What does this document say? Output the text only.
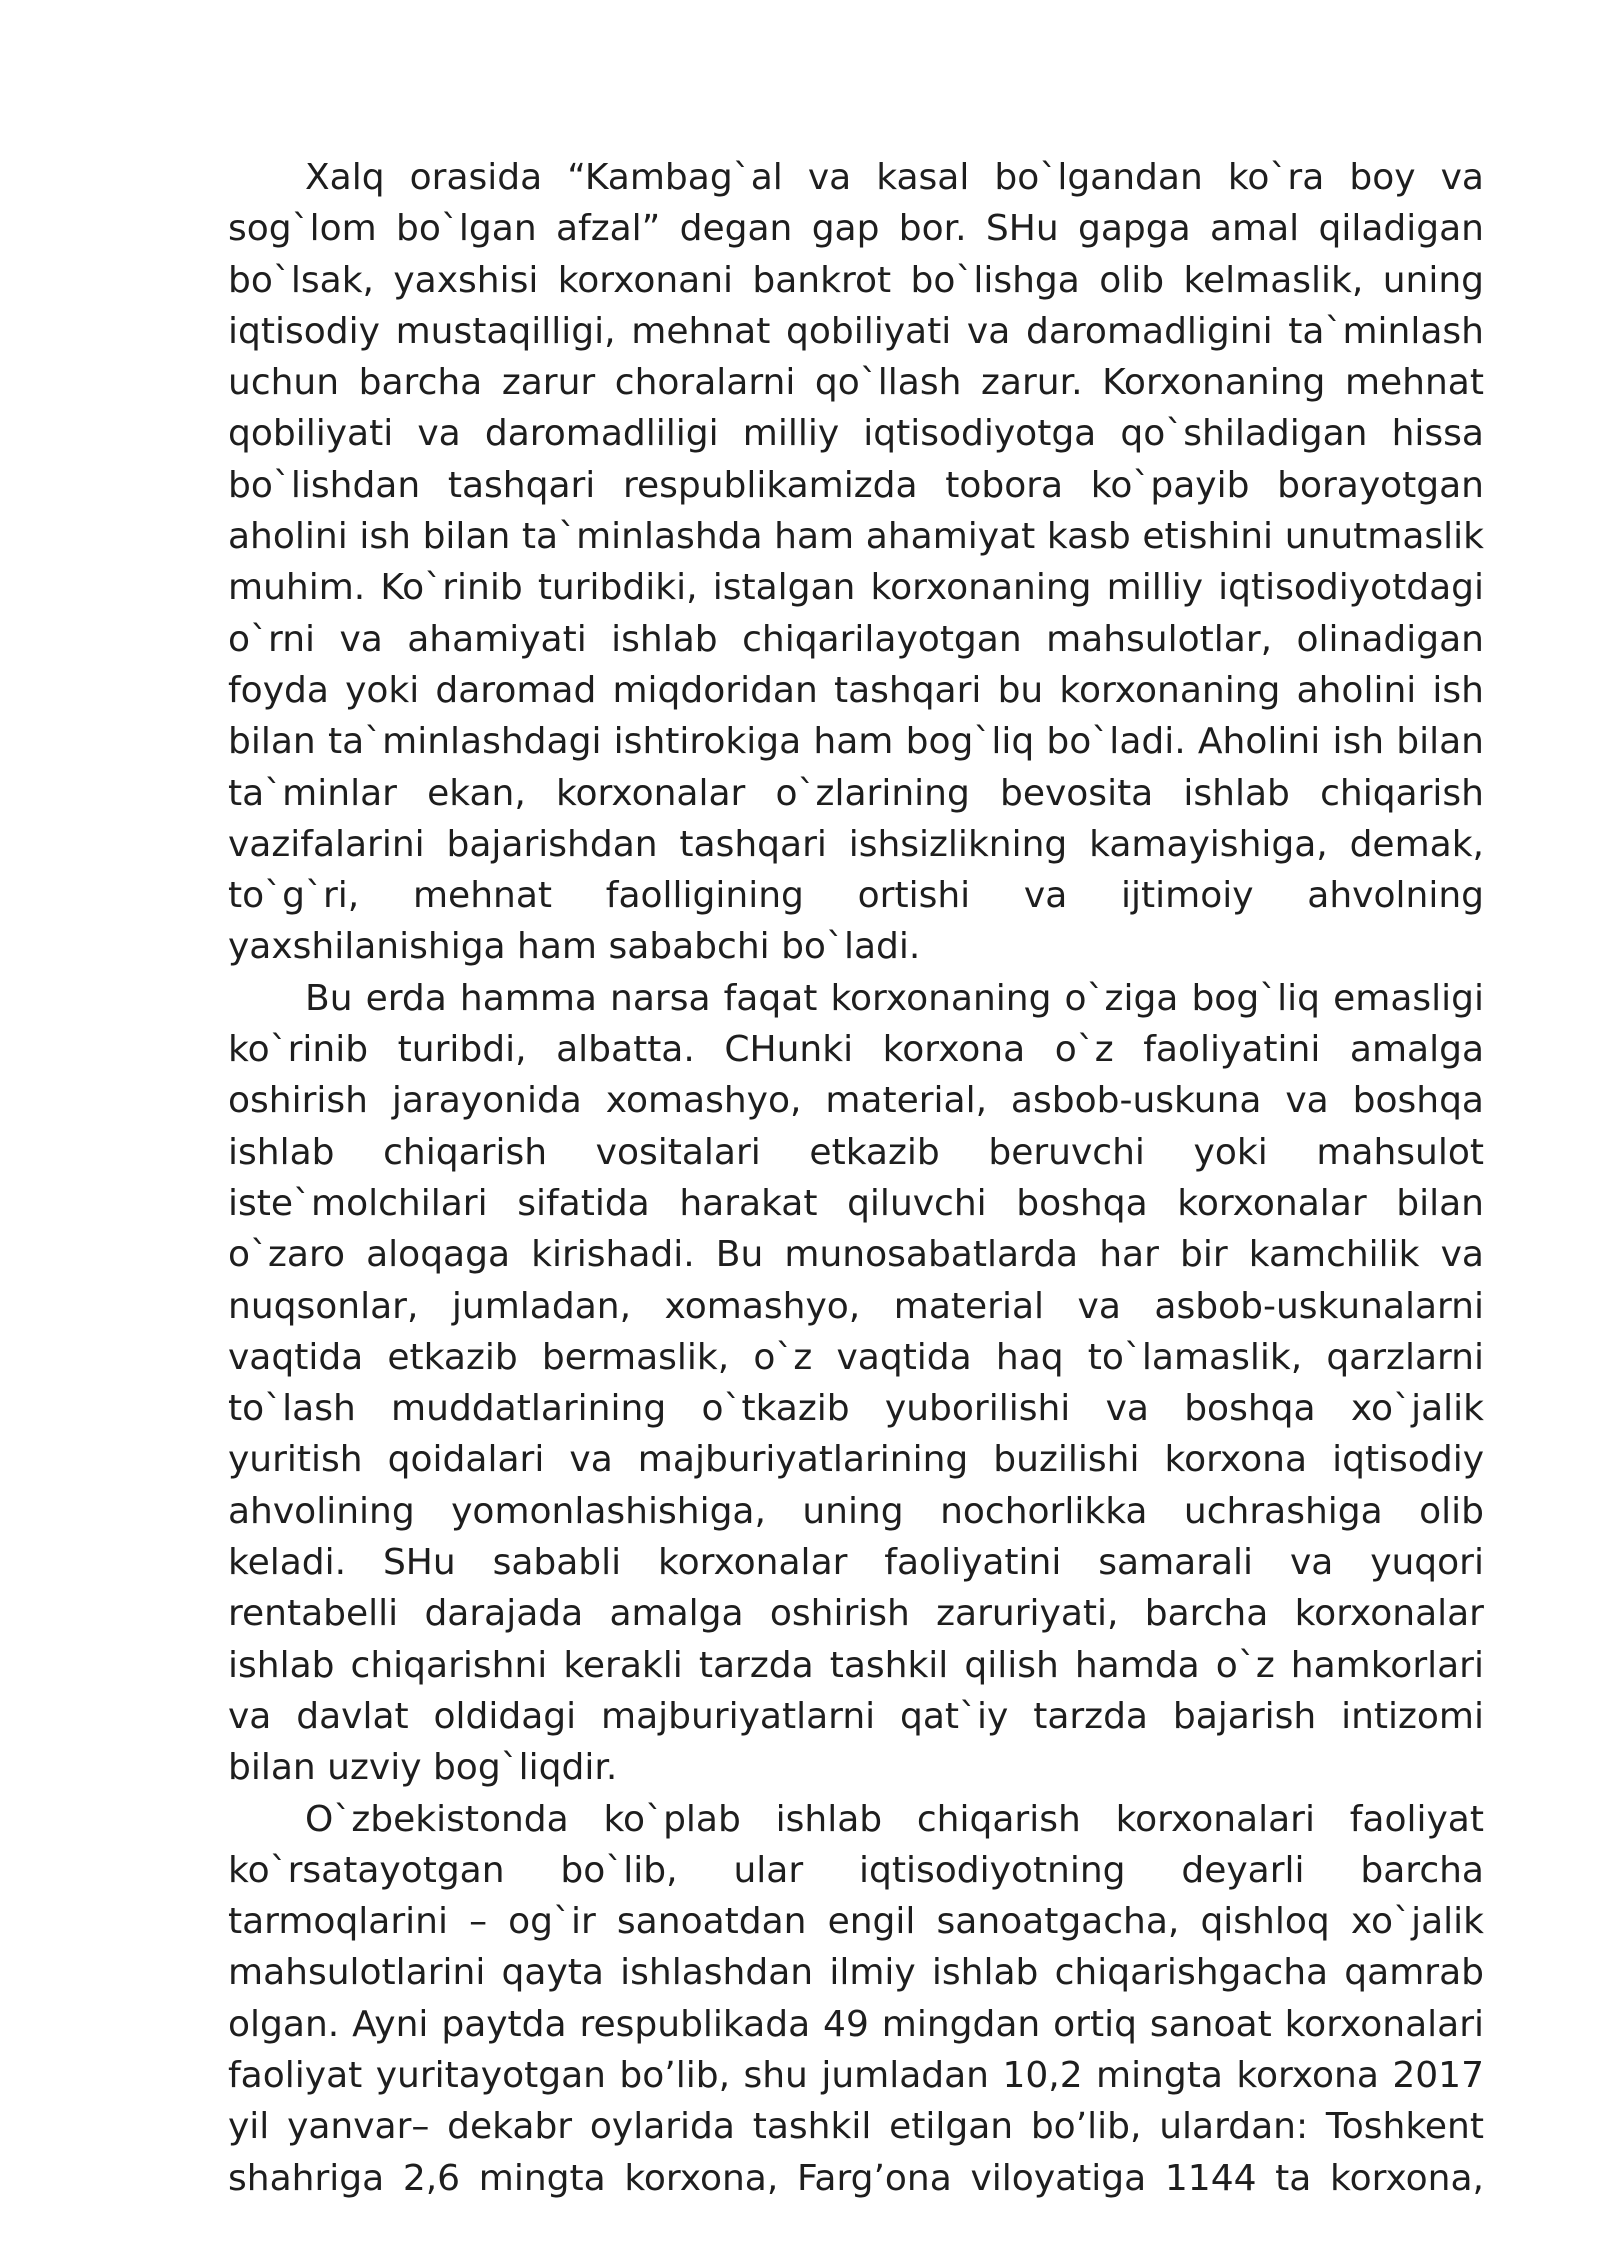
Xalq orasida “Kambag`al va kasal bo`lgandan ko`ra boy va sog`lom bo`lgan afzal” degan gap bor. SHu gapga amal qiladigan bo`lsak, yaxshisi korxonani bankrot bo`lishga olib kelmaslik, uning iqtisodiy mustaqilligi, mehnat qobiliyati va daromadligini ta`minlash uchun barcha zarur choralarni qo`llash zarur. Korxonaning mehnat qobiliyati va daromadliligi milliy iqtisodiyotga qo`shiladigan hissa bo`lishdan tashqari respublikamizda tobora ko`payib borayotgan aholini ish bilan ta`minlashda ham ahamiyat kasb etishini unutmaslik muhim. Ko`rinib turibdiki, istalgan korxonaning milliy iqtisodiyotdagi o`rni va ahamiyati ishlab chiqarilayotgan mahsulotlar, olinadigan foyda yoki daromad miqdoridan tashqari bu korxonaning aholini ish bilan ta`minlashdagi ishtirokiga ham bog`liq bo`ladi. Aholini ish bilan ta`minlar ekan, korxonalar o`zlarining bevosita ishlab chiqarish vazifalarini bajarishdan tashqari ishsizlikning kamayishiga, demak, to`g`ri, mehnat faolligining ortishi va ijtimoiy ahvolning yaxshilanishiga ham sababchi bo`ladi.

Bu erda hamma narsa faqat korxonaning o`ziga bog`liq emasligi ko`rinib turibdi, albatta. CHunki korxona o`z faoliyatini amalga oshirish jarayonida xomashyo, material, asbob-uskuna va boshqa ishlab chiqarish vositalari etkazib beruvchi yoki mahsulot iste`molchilari sifatida harakat qiluvchi boshqa korxonalar bilan o`zaro aloqaga kirishadi. Bu munosabatlarda har bir kamchilik va nuqsonlar, jumladan, xomashyo, material va asbob-uskunalarni vaqtida etkazib bermaslik, o`z vaqtida haq to`lamaslik, qarzlarni to`lash muddatlarining o`tkazib yuborilishi va boshqa xo`jalik yuritish qoidalari va majburiyatlarining buzilishi korxona iqtisodiy ahvolining yomonlashishiga, uning nochorlikka uchrashiga olib keladi. SHu sababli korxonalar faoliyatini samarali va yuqori rentabelli darajada amalga oshirish zaruriyati, barcha korxonalar ishlab chiqarishni kerakli tarzda tashkil qilish hamda o`z hamkorlari va davlat oldidagi majburiyatlarni qat`iy tarzda bajarish intizomi bilan uzviy bog`liqdir.

O`zbekistonda ko`plab ishlab chiqarish korxonalari faoliyat ko`rsatayotgan bo`lib, ular iqtisodiyotning deyarli barcha tarmoqlarini – og`ir sanoatdan engil sanoatgacha, qishloq xo`jalik mahsulotlarini qayta ishlashdan ilmiy ishlab chiqarishgacha qamrab olgan. Ayni paytda respublikada 49 mingdan ortiq sanoat korxonalari faoliyat yuritayotgan bo’lib, shu jumladan 10,2 mingta korxona 2017 yil yanvar– dekabr oylarida tashkil etilgan bo’lib, ulardan: Toshkent shahriga 2,6 mingta korxona, Farg’ona viloyatiga 1144 ta korxona,
